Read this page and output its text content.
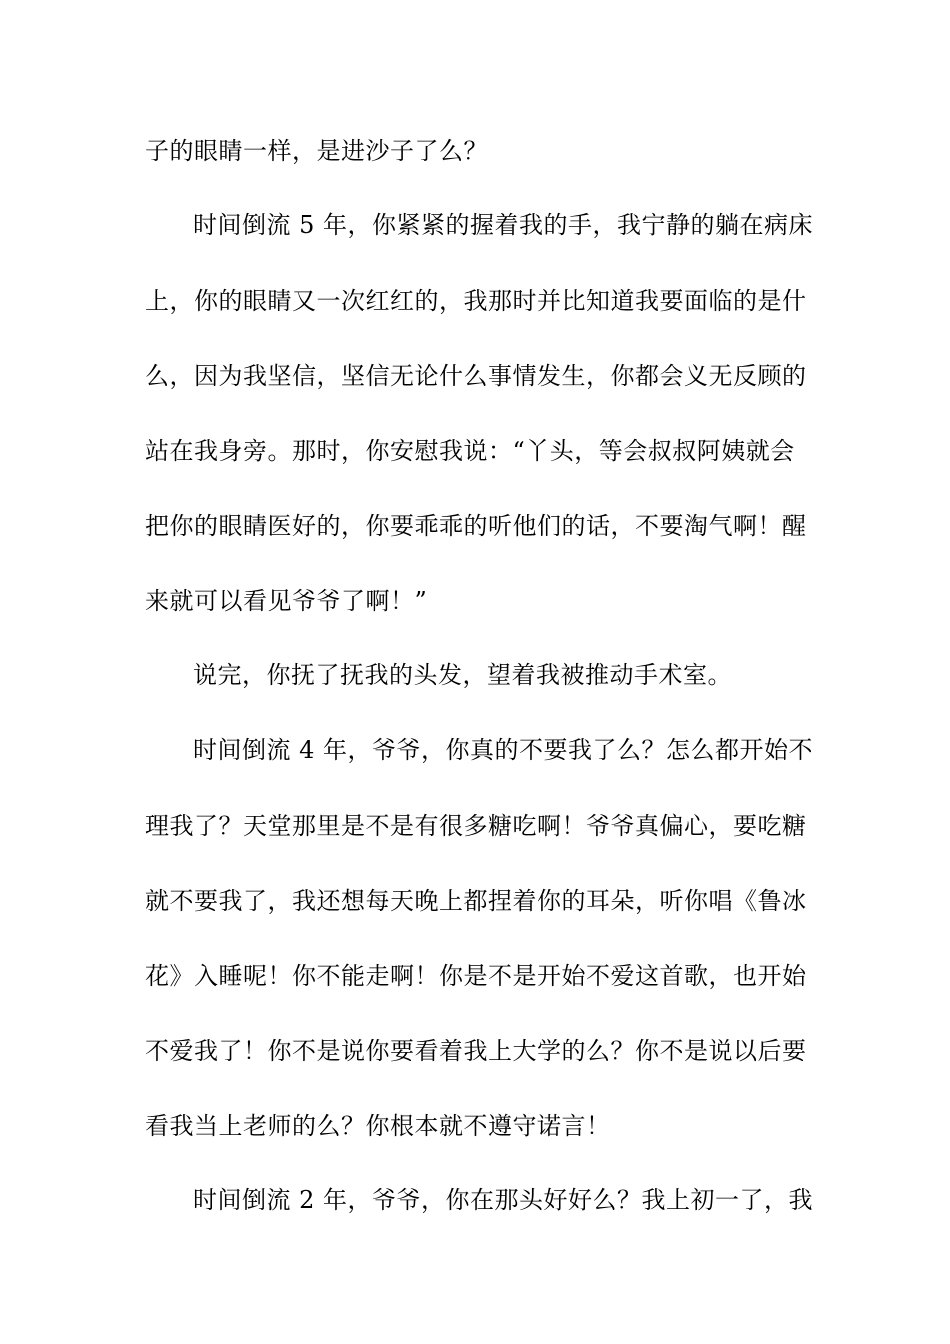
子的眼睛一样，是进沙子了么？
时间倒流 5 年，你紧紧的握着我的手，我宁静的躺在病床
上，你的眼睛又一次红红的，我那时并比知道我要面临的是什
么，因为我坚信，坚信无论什么事情发生，你都会义无反顾的
站在我身旁。那时，你安慰我说：“丫头，等会叔叔阿姨就会
把你的眼睛医好的，你要乖乖的听他们的话，不要淘气啊！醒
来就可以看见爷爷了啊！”
说完，你抚了抚我的头发，望着我被推动手术室。
时间倒流 4 年，爷爷，你真的不要我了么？怎么都开始不
理我了？天堂那里是不是有很多糖吃啊！爷爷真偏心，要吃糖
就不要我了，我还想每天晚上都捏着你的耳朵，听你唱《鲁冰
花》入睡呢！你不能走啊！你是不是开始不爱这首歌，也开始
不爱我了！你不是说你要看着我上大学的么？你不是说以后要
看我当上老师的么？你根本就不遵守诺言！
时间倒流 2 年，爷爷，你在那头好好么？我上初一了，我
